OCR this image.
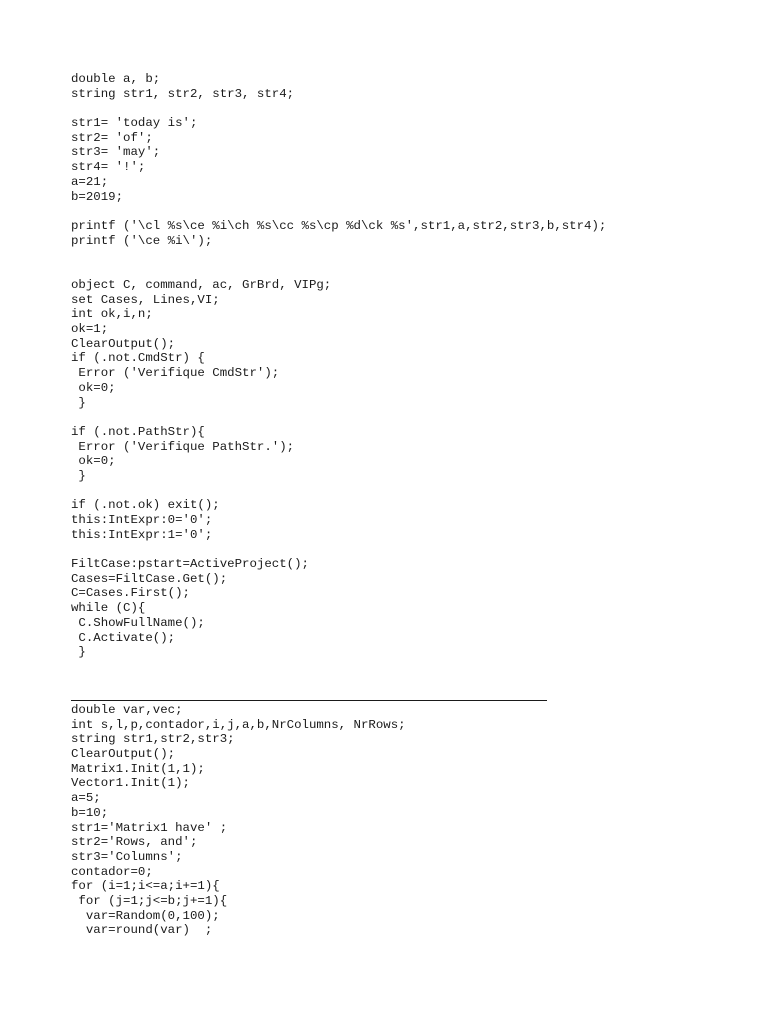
double a, b;
string str1, str2, str3, str4;
str1= 'today is';
str2= 'of';
str3= 'may';
str4= '!';
a=21;
b=2019;
printf ('\cl %s\ce %i\ch %s\cc %s\cp %d\ck %s',str1,a,str2,str3,b,str4);
printf ('\ce %i\');
object C, command, ac, GrBrd, VIPg;
set Cases, Lines,VI;
int ok,i,n;
ok=1;
ClearOutput();
if (.not.CmdStr) {
Error ('Verifique CmdStr');
ok=0;
}
if (.not.PathStr){
Error ('Verifique PathStr.');
ok=0;
}
if (.not.ok) exit();
this:IntExpr:0='0';
this:IntExpr:1='0';
FiltCase:pstart=ActiveProject();
Cases=FiltCase.Get();
C=Cases.First();
while (C){
C.ShowFullName();
C.Activate();
}
double var,vec;
int s,l,p,contador,i,j,a,b,NrColumns, NrRows;
string str1,str2,str3;
ClearOutput();
Matrix1.Init(1,1);
Vector1.Init(1);
a=5;
b=10;
str1='Matrix1 have' ;
str2='Rows, and';
str3='Columns';
contador=0;
for (i=1;i<=a;i+=1){
for (j=1;j<=b;j+=1){
var=Random(0,100);
var=round(var)  ;
